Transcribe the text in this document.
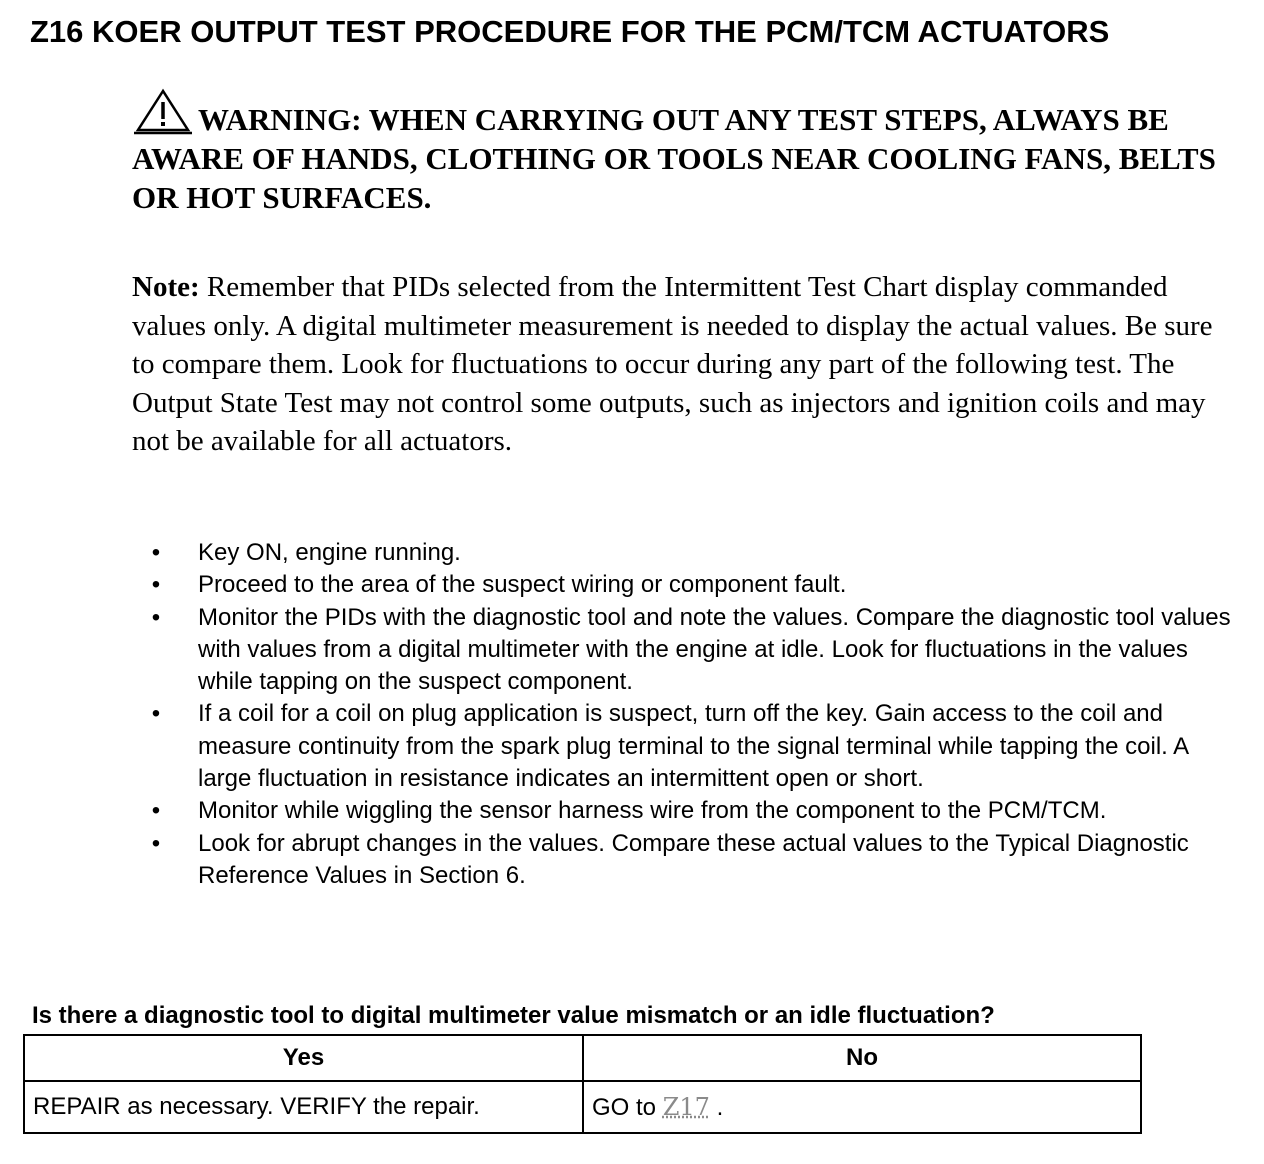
Z16 KOER OUTPUT TEST PROCEDURE FOR THE PCM/TCM ACTUATORS
WARNING: WHEN CARRYING OUT ANY TEST STEPS, ALWAYS BE AWARE OF HANDS, CLOTHING OR TOOLS NEAR COOLING FANS, BELTS OR HOT SURFACES.
Note: Remember that PIDs selected from the Intermittent Test Chart display commanded values only. A digital multimeter measurement is needed to display the actual values. Be sure to compare them. Look for fluctuations to occur during any part of the following test. The Output State Test may not control some outputs, such as injectors and ignition coils and may not be available for all actuators.
• Key ON, engine running.
• Proceed to the area of the suspect wiring or component fault.
• Monitor the PIDs with the diagnostic tool and note the values. Compare the diagnostic tool values with values from a digital multimeter with the engine at idle. Look for fluctuations in the values while tapping on the suspect component.
• If a coil for a coil on plug application is suspect, turn off the key. Gain access to the coil and measure continuity from the spark plug terminal to the signal terminal while tapping the coil. A large fluctuation in resistance indicates an intermittent open or short.
• Monitor while wiggling the sensor harness wire from the component to the PCM/TCM.
• Look for abrupt changes in the values. Compare these actual values to the Typical Diagnostic Reference Values in Section 6.
Is there a diagnostic tool to digital multimeter value mismatch or an idle fluctuation?
Yes	No
REPAIR as necessary. VERIFY the repair.	GO to Z17 .
